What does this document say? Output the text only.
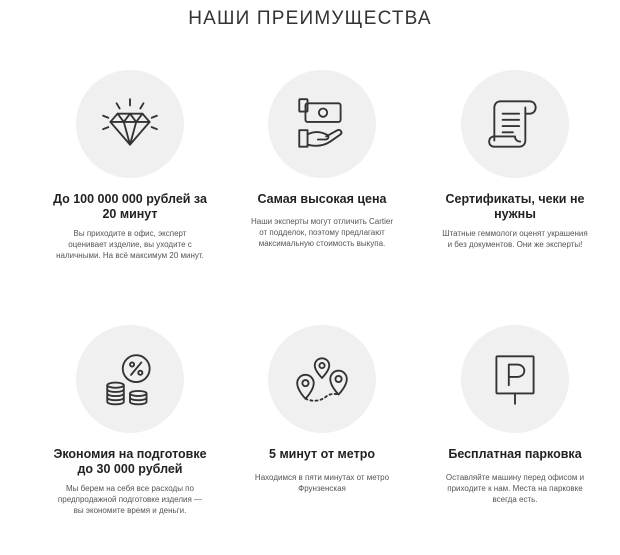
НАШИ ПРЕИМУЩЕСТВА
До 100 000 000 рублей за 20 минут

Вы приходите в офис, эксперт оценивает изделие, вы уходите с наличными. На всё максимум 20 минут.

Самая высокая цена

Наши эксперты могут отличить Cartier от подделок, поэтому предлагают максимальную стоимость выкупа.

Сертификаты, чеки не нужны

Штатные геммологи оценят украшения и без документов. Они же эксперты!

Экономия на подготовке до 30 000 рублей

Мы берем на себя все расходы по предпродажной подготовке изделия — вы экономите время и деньги.

5 минут от метро

Находимся в пяти минутах от метро Фрунзенская

Бесплатная парковка

Оставляйте машину перед офисом и приходите к нам. Места на парковке всегда есть.
